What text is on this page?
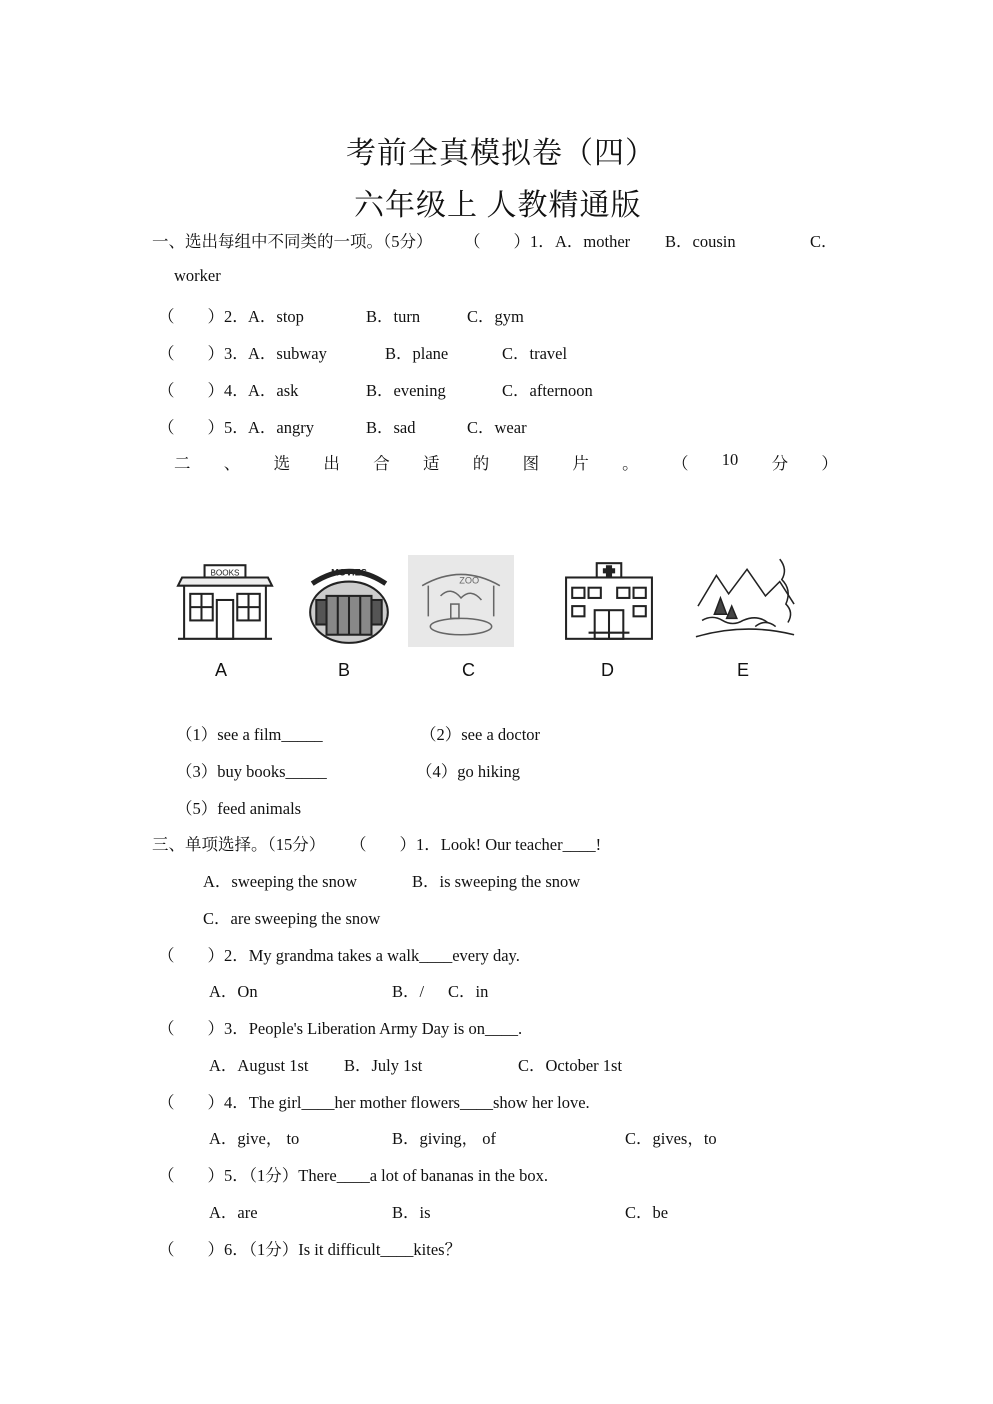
考前全真模拟卷（四）
六年级上 人教精通版
一、选出每组中不同类的一项。（5分） （　　）1． A．mother B．cousin	C．
worker
（　　）2． A．stop	B．turn	C．gym
（　　）3． A．subway	B．plane	C．travel
（　　）4． A．ask	B．evening	C．afternoon
（　　）5． A．angry	B．sad	C．wear
二 、 选 出 合 适 的 图 片 。 （ 10 分 ）
BOOKS	MOVIES
ZOO
A	B	C	D	E
（1）see a film_____	（2）see a doctor
（3）buy books_____	（4）go hiking
（5）feed animals
三、单项选择。（15分） （　　）1．Look! Our teacher____!
A．sweeping the snow	B．is sweeping the snow
C．are sweeping the snow
（　　）2．My grandma takes a walk____every day.
A．On	B．/ C．in
（　　）3．People's Liberation Army Day is on____.
A．August 1st B．July 1st	C．October 1st
（　　）4．The girl____her mother flowers____show her love.
A．give， to	B．giving， of	C．gives，to
（　　）5．（1分）There____a lot of bananas in the box.
A．are	B．is	C．be
（　　）6．（1分）Is it difficult____kites？
